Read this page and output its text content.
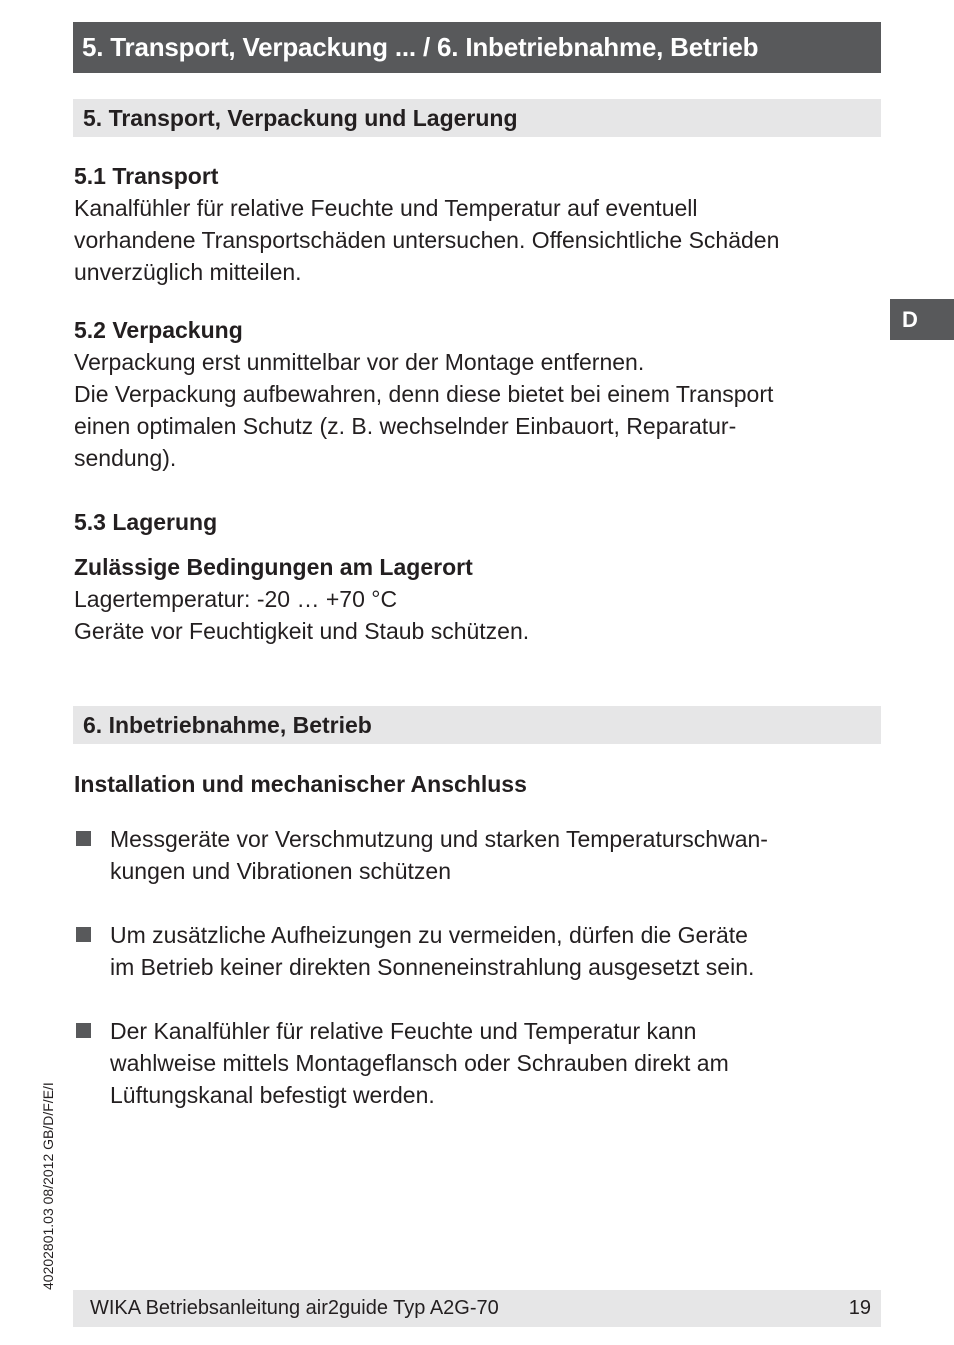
5. Transport, Verpackung ... / 6. Inbetriebnahme, Betrieb
D
5. Transport, Verpackung und Lagerung
5.1 Transport
Kanalfühler für relative Feuchte und Temperatur auf eventuell
vorhandene Transportschäden untersuchen. Offensichtliche Schäden
unverzüglich mitteilen.
5.2 Verpackung
Verpackung erst unmittelbar vor der Montage entfernen.
Die Verpackung aufbewahren, denn diese bietet bei einem Transport
einen optimalen Schutz (z. B. wechselnder Einbauort, Reparatur-
sendung).
5.3 Lagerung
Zulässige Bedingungen am Lagerort
Lagertemperatur: -20 … +70 °C
Geräte vor Feuchtigkeit und Staub schützen.
6. Inbetriebnahme, Betrieb
Installation und mechanischer Anschluss
Messgeräte vor Verschmutzung und starken Temperaturschwan-
kungen und Vibrationen schützen
Um zusätzliche Aufheizungen zu vermeiden, dürfen die Geräte
im Betrieb keiner direkten Sonneneinstrahlung ausgesetzt sein.
Der Kanalfühler für relative Feuchte und Temperatur kann
wahlweise mittels Montageflansch oder Schrauben direkt am
Lüftungskanal befestigt werden.
40202801.03 08/2012 GB/D/F/E/I
WIKA Betriebsanleitung air2guide Typ A2G-70	19
